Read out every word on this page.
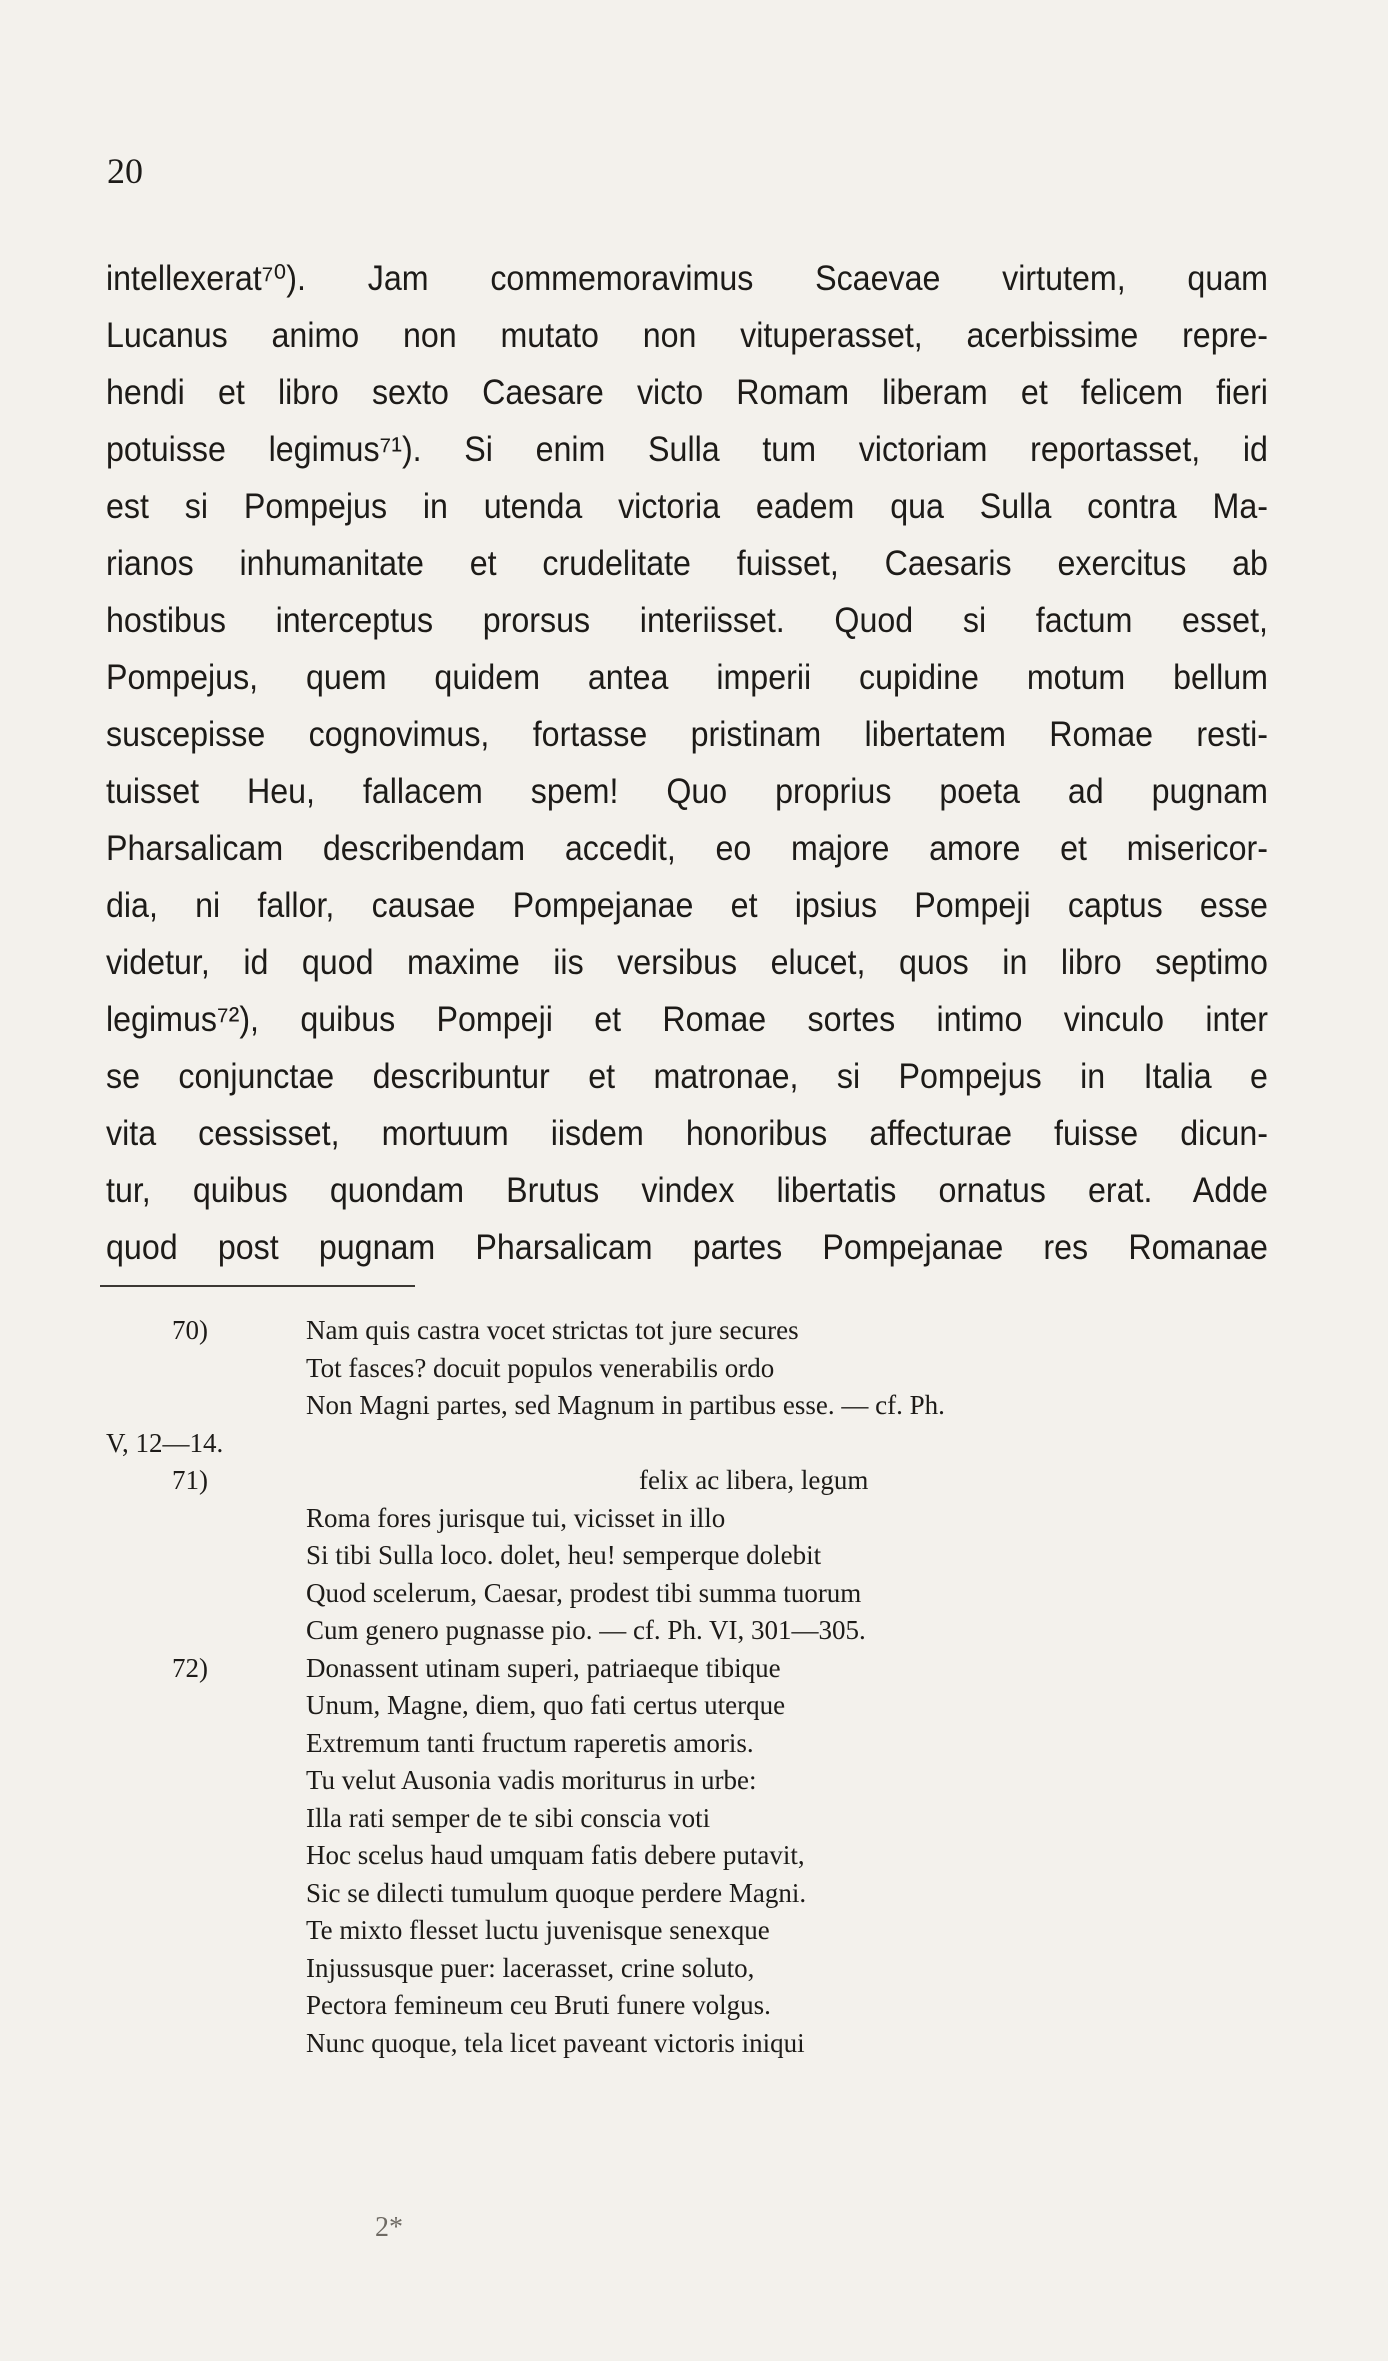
20
intellexerat⁷⁰). Jam commemoravimus Scaevae virtutem, quam
Lucanus animo non mutato non vituperasset, acerbissime repre-
hendi et libro sexto Caesare victo Romam liberam et felicem fieri
potuisse legimus⁷¹). Si enim Sulla tum victoriam reportasset, id
est si Pompejus in utenda victoria eadem qua Sulla contra Ma-
rianos inhumanitate et crudelitate fuisset, Caesaris exercitus ab
hostibus interceptus prorsus interiisset. Quod si factum esset,
Pompejus, quem quidem antea imperii cupidine motum bellum
suscepisse cognovimus, fortasse pristinam libertatem Romae resti-
tuisset Heu, fallacem spem! Quo proprius poeta ad pugnam
Pharsalicam describendam accedit, eo majore amore et misericor-
dia, ni fallor, causae Pompejanae et ipsius Pompeji captus esse
videtur, id quod maxime iis versibus elucet, quos in libro septimo
legimus⁷²), quibus Pompeji et Romae sortes intimo vinculo inter
se conjunctae describuntur et matronae, si Pompejus in Italia e
vita cessisset, mortuum iisdem honoribus affecturae fuisse dicun-
tur, quibus quondam Brutus vindex libertatis ornatus erat. Adde
quod post pugnam Pharsalicam partes Pompejanae res Romanae
70)	Nam quis castra vocet strictas tot jure secures
Tot fasces? docuit populos venerabilis ordo
Non Magni partes, sed Magnum in partibus esse. — cf. Ph.
V, 12—14.
71)	felix ac libera, legum
Roma fores jurisque tui, vicisset in illo
Si tibi Sulla loco. dolet, heu! semperque dolebit
Quod scelerum, Caesar, prodest tibi summa tuorum
Cum genero pugnasse pio. — cf. Ph. VI, 301—305.
72)	Donassent utinam superi, patriaeque tibique
Unum, Magne, diem, quo fati certus uterque
Extremum tanti fructum raperetis amoris.
Tu velut Ausonia vadis moriturus in urbe:
Illa rati semper de te sibi conscia voti
Hoc scelus haud umquam fatis debere putavit,
Sic se dilecti tumulum quoque perdere Magni.
Te mixto flesset luctu juvenisque senexque
Injussusque puer: lacerasset, crine soluto,
Pectora femineum ceu Bruti funere volgus.
Nunc quoque, tela licet paveant victoris iniqui
2*
